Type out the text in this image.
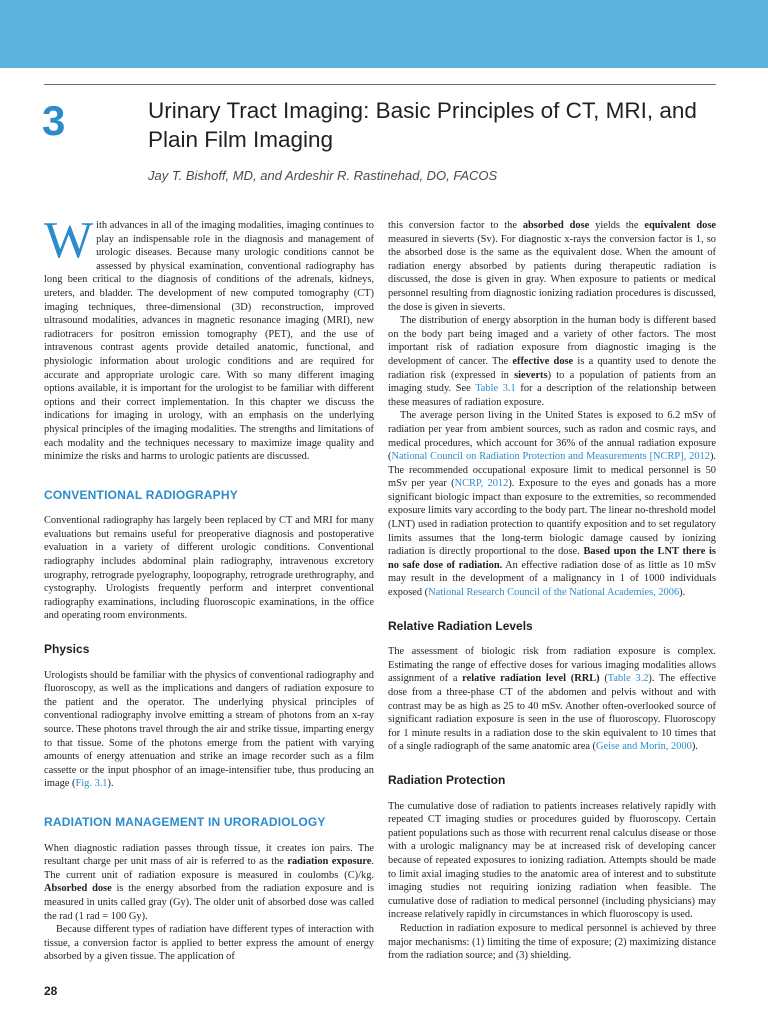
3	Urinary Tract Imaging: Basic Principles of CT, MRI, and Plain Film Imaging
Jay T. Bishoff, MD, and Ardeshir R. Rastinehad, DO, FACOS

With advances in all of the imaging modalities, imaging continues to play an indispensable role in the diagnosis and management of urologic diseases. Because many urologic conditions cannot be assessed by physical examination, conventional radiography has long been critical to the diagnosis of conditions of the adrenals, kidneys, ureters, and bladder. The development of new computed tomography (CT) imaging techniques, three-dimensional (3D) reconstruction, improved ultrasound modalities, advances in magnetic resonance imaging (MRI), new radiotracers for positron emission tomography (PET), and the use of intravenous contrast agents provide detailed anatomic, functional, and physiologic information about urologic conditions and are required for accurate and appropriate urologic care. With so many different imaging options available, it is important for the urologist to be familiar with different options and their correct implementation. In this chapter we discuss the indications for imaging in urology, with an emphasis on the underlying physical principles of the imaging modalities. The strengths and limitations of each modality and the techniques necessary to maximize image quality and minimize the risks and harms to urologic patients are discussed.

CONVENTIONAL RADIOGRAPHY

Conventional radiography has largely been replaced by CT and MRI for many evaluations but remains useful for preoperative diagnosis and postoperative evaluation in a variety of different urologic conditions. Conventional radiography includes abdominal plain radiography, intravenous excretory urography, retrograde pyelography, loopography, retrograde urethrography, and cystography. Urologists frequently perform and interpret conventional radiography examinations, including fluoroscopic examinations, in the office and operating room environments.

Physics

Urologists should be familiar with the physics of conventional radiography and fluoroscopy, as well as the implications and dangers of radiation exposure to the patient and the operator. The underlying physical principles of conventional radiography involve emitting a stream of photons from an x-ray source. These photons travel through the air and strike tissue, imparting energy to that tissue. Some of the photons emerge from the patient with varying amounts of energy attenuation and strike an image recorder such as a film cassette or the input phosphor of an image-intensifier tube, thus producing an image (Fig. 3.1).

RADIATION MANAGEMENT IN URORADIOLOGY

When diagnostic radiation passes through tissue, it creates ion pairs. The resultant charge per unit mass of air is referred to as the radiation exposure. The current unit of radiation exposure is measured in coulombs (C)/kg. Absorbed dose is the energy absorbed from the radiation exposure and is measured in units called gray (Gy). The older unit of absorbed dose was called the rad (1 rad = 100 Gy).

Because different types of radiation have different types of interaction with tissue, a conversion factor is applied to better express the amount of energy absorbed by a given tissue. The application of

this conversion factor to the absorbed dose yields the equivalent dose measured in sieverts (Sv). For diagnostic x-rays the conversion factor is 1, so the absorbed dose is the same as the equivalent dose. When the amount of radiation energy absorbed by patients during therapeutic radiation is discussed, the dose is given in gray. When exposure to patients or medical personnel resulting from diagnostic ionizing radiation procedures is discussed, the dose is given in sieverts.

The distribution of energy absorption in the human body is different based on the body part being imaged and a variety of other factors. The most important risk of radiation exposure from diagnostic imaging is the development of cancer. The effective dose is a quantity used to denote the radiation risk (expressed in sieverts) to a population of patients from an imaging study. See Table 3.1 for a description of the relationship between these measures of radiation exposure.

The average person living in the United States is exposed to 6.2 mSv of radiation per year from ambient sources, such as radon and cosmic rays, and medical procedures, which account for 36% of the annual radiation exposure (National Council on Radiation Protection and Measurements [NCRP], 2012). The recommended occupational exposure limit to medical personnel is 50 mSv per year (NCRP, 2012). Exposure to the eyes and gonads has a more significant biologic impact than exposure to the extremities, so recommended exposure limits vary according to the body part. The linear no-threshold model (LNT) used in radiation protection to quantify exposition and to set regulatory limits assumes that the long-term biologic damage caused by ionizing radiation is directly proportional to the dose. Based upon the LNT there is no safe dose of radiation. An effective radiation dose of as little as 10 mSv may result in the development of a malignancy in 1 of 1000 individuals exposed (National Research Council of the National Academies, 2006).

Relative Radiation Levels

The assessment of biologic risk from radiation exposure is complex. Estimating the range of effective doses for various imaging modalities allows assignment of a relative radiation level (RRL) (Table 3.2). The effective dose from a three-phase CT of the abdomen and pelvis without and with contrast may be as high as 25 to 40 mSv. Another often-overlooked source of significant radiation exposure is seen in the use of fluoroscopy. Fluoroscopy for 1 minute results in a radiation dose to the skin equivalent to 10 times that of a single radiograph of the same anatomic area (Geise and Morin, 2000).

Radiation Protection

The cumulative dose of radiation to patients increases relatively rapidly with repeated CT imaging studies or procedures guided by fluoroscopy. Certain patient populations such as those with recurrent renal calculus disease or those with a urologic malignancy may be at increased risk of developing cancer because of repeated exposures to ionizing radiation. Attempts should be made to limit axial imaging studies to the anatomic area of interest and to substitute imaging studies not requiring ionizing radiation when feasible. The cumulative dose of radiation to medical personnel (including physicians) may increase relatively rapidly in circumstances in which fluoroscopy is used.

Reduction in radiation exposure to medical personnel is achieved by three major mechanisms: (1) limiting the time of exposure; (2) maximizing distance from the radiation source; and (3) shielding.

28
